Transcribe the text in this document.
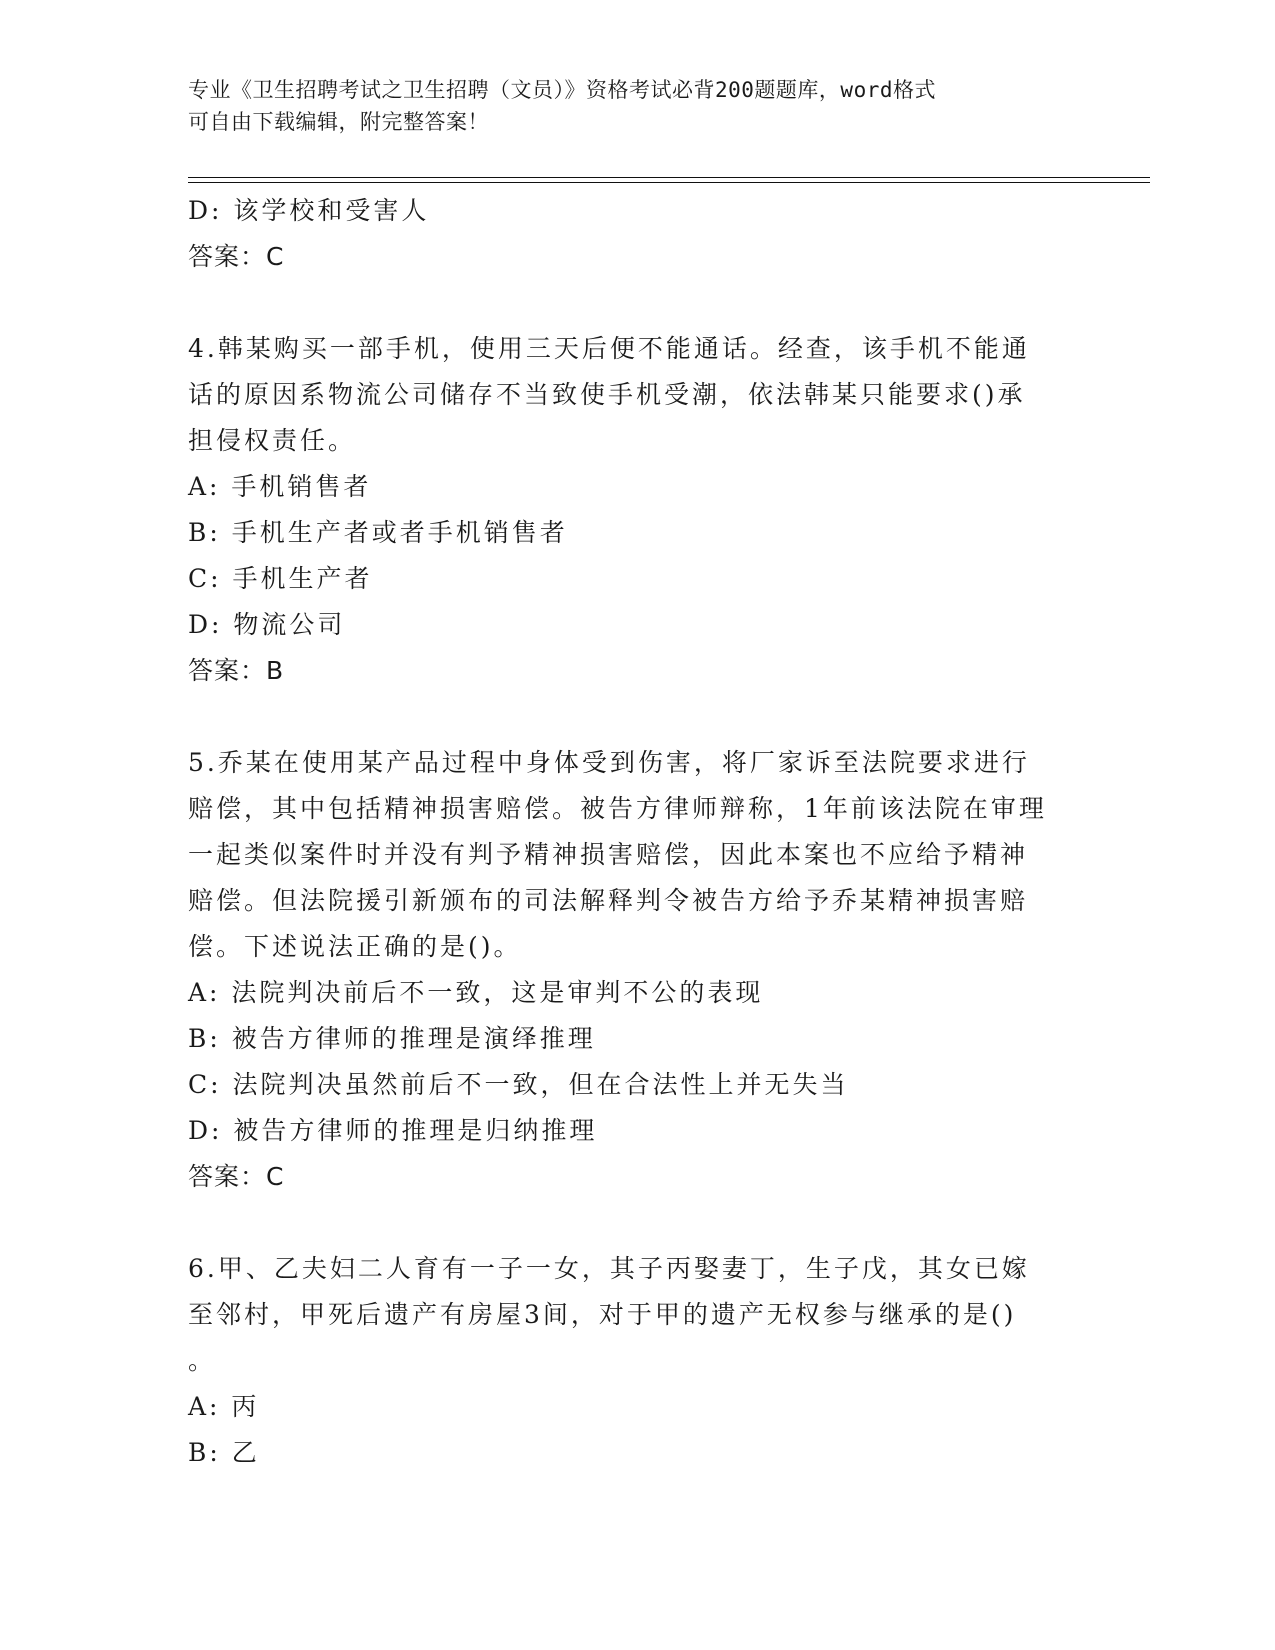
专业《卫生招聘考试之卫生招聘（文员）》资格考试必背200题题库，word格式
可自由下载编辑，附完整答案！
D: 该学校和受害人
答案：C
4.韩某购买一部手机，使用三天后便不能通话。经查，该手机不能通
话的原因系物流公司储存不当致使手机受潮，依法韩某只能要求()承
担侵权责任。
A: 手机销售者
B: 手机生产者或者手机销售者
C: 手机生产者
D: 物流公司
答案：B
5.乔某在使用某产品过程中身体受到伤害，将厂家诉至法院要求进行
赔偿，其中包括精神损害赔偿。被告方律师辩称，1年前该法院在审理
一起类似案件时并没有判予精神损害赔偿，因此本案也不应给予精神
赔偿。但法院援引新颁布的司法解释判令被告方给予乔某精神损害赔
偿。下述说法正确的是()。
A: 法院判决前后不一致，这是审判不公的表现
B: 被告方律师的推理是演绎推理
C: 法院判决虽然前后不一致，但在合法性上并无失当
D: 被告方律师的推理是归纳推理
答案：C
6.甲、乙夫妇二人育有一子一女，其子丙娶妻丁，生子戊，其女已嫁
至邻村，甲死后遗产有房屋3间，对于甲的遗产无权参与继承的是()
。
A: 丙
B: 乙
